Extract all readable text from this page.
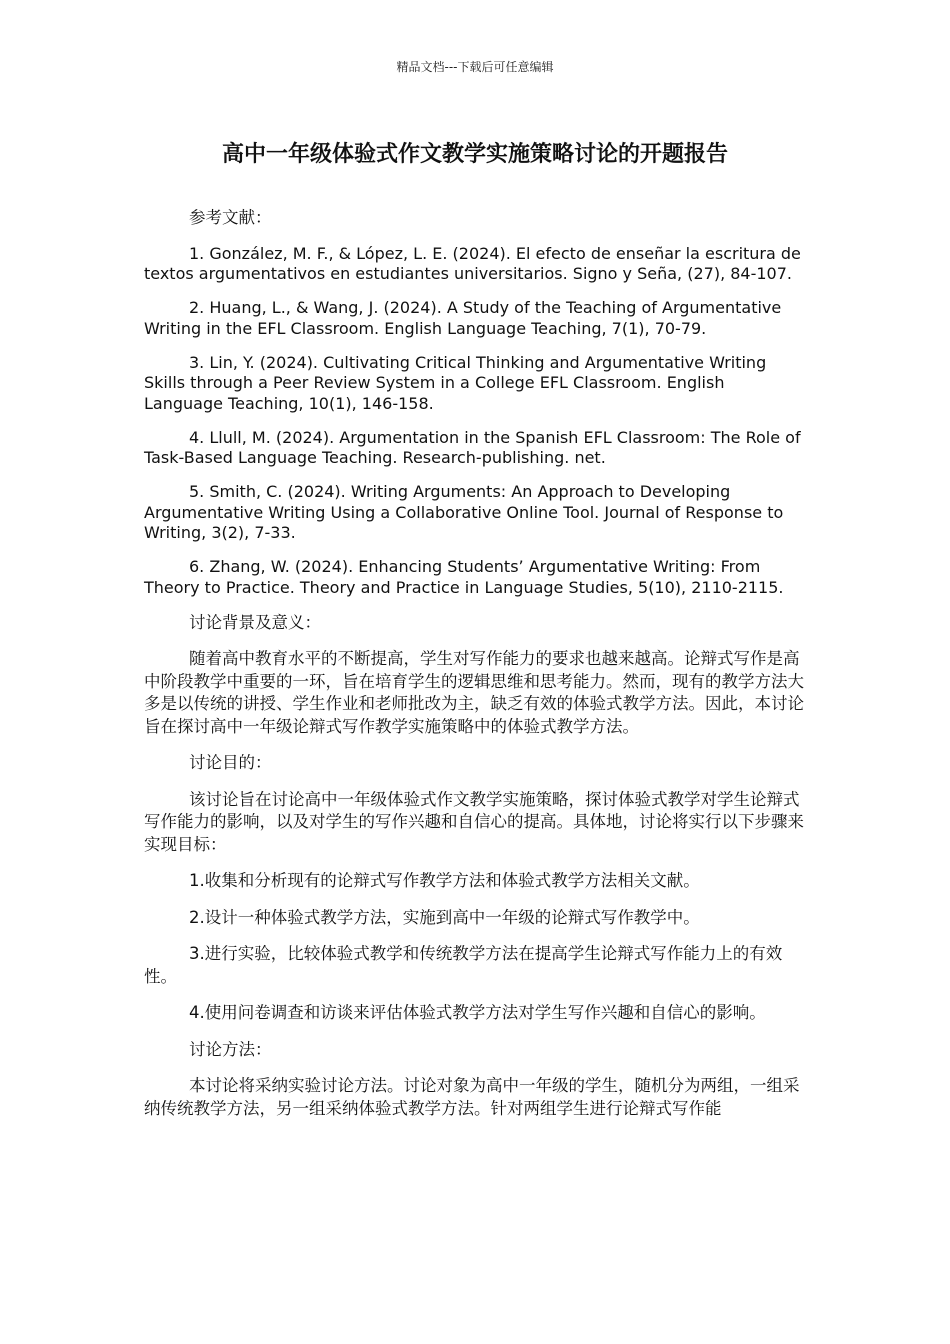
精品文档---下载后可任意编辑
高中一年级体验式作文教学实施策略讨论的开题报告

参考文献：

1. González, M. F., & López, L. E. (2024). El efecto de enseñar la escritura de textos argumentativos en estudiantes universitarios. Signo y Seña, (27), 84-107.

2. Huang, L., & Wang, J. (2024). A Study of the Teaching of Argumentative Writing in the EFL Classroom. English Language Teaching, 7(1), 70-79.

3. Lin, Y. (2024). Cultivating Critical Thinking and Argumentative Writing Skills through a Peer Review System in a College EFL Classroom. English Language Teaching, 10(1), 146-158.

4. Llull, M. (2024). Argumentation in the Spanish EFL Classroom: The Role of Task-Based Language Teaching. Research-publishing. net.

5. Smith, C. (2024). Writing Arguments: An Approach to Developing Argumentative Writing Using a Collaborative Online Tool. Journal of Response to Writing, 3(2), 7-33.

6. Zhang, W. (2024). Enhancing Students’ Argumentative Writing: From Theory to Practice. Theory and Practice in Language Studies, 5(10), 2110-2115.

讨论背景及意义：

随着高中教育水平的不断提高，学生对写作能力的要求也越来越高。论辩式写作是高中阶段教学中重要的一环，旨在培育学生的逻辑思维和思考能力。然而，现有的教学方法大多是以传统的讲授、学生作业和老师批改为主，缺乏有效的体验式教学方法。因此，本讨论旨在探讨高中一年级论辩式写作教学实施策略中的体验式教学方法。

讨论目的：

该讨论旨在讨论高中一年级体验式作文教学实施策略，探讨体验式教学对学生论辩式写作能力的影响，以及对学生的写作兴趣和自信心的提高。具体地，讨论将实行以下步骤来实现目标：

1.收集和分析现有的论辩式写作教学方法和体验式教学方法相关文献。

2.设计一种体验式教学方法，实施到高中一年级的论辩式写作教学中。

3.进行实验，比较体验式教学和传统教学方法在提高学生论辩式写作能力上的有效性。

4.使用问卷调查和访谈来评估体验式教学方法对学生写作兴趣和自信心的影响。

讨论方法：

本讨论将采纳实验讨论方法。讨论对象为高中一年级的学生，随机分为两组，一组采纳传统教学方法，另一组采纳体验式教学方法。针对两组学生进行论辩式写作能
